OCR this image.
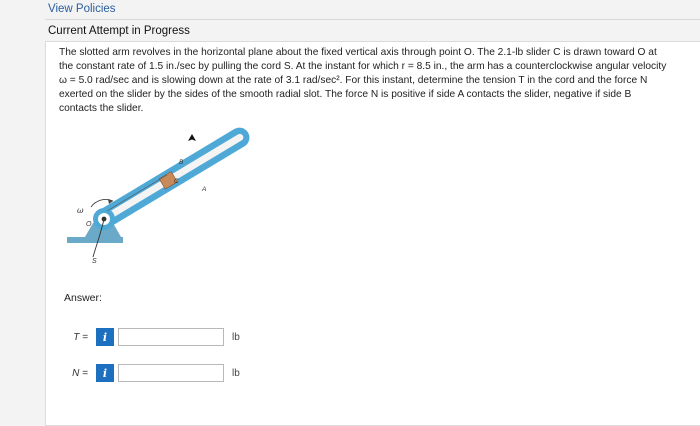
View Policies
Current Attempt in Progress
The slotted arm revolves in the horizontal plane about the fixed vertical axis through point O. The 2.1-lb slider C is drawn toward O at
the constant rate of 1.5 in./sec by pulling the cord S. At the instant for which r = 8.5 in., the arm has a counterclockwise angular velocity
ω = 5.0 rad/sec and is slowing down at the rate of 3.1 rad/sec². For this instant, determine the tension T in the cord and the force N
exerted on the slider by the sides of the smooth radial slot. The force N is positive if side A contacts the slider, negative if side B
contacts the slider.
ω
O
S
B
C
A
Answer:
T =	i	lb
N =	i	lb
